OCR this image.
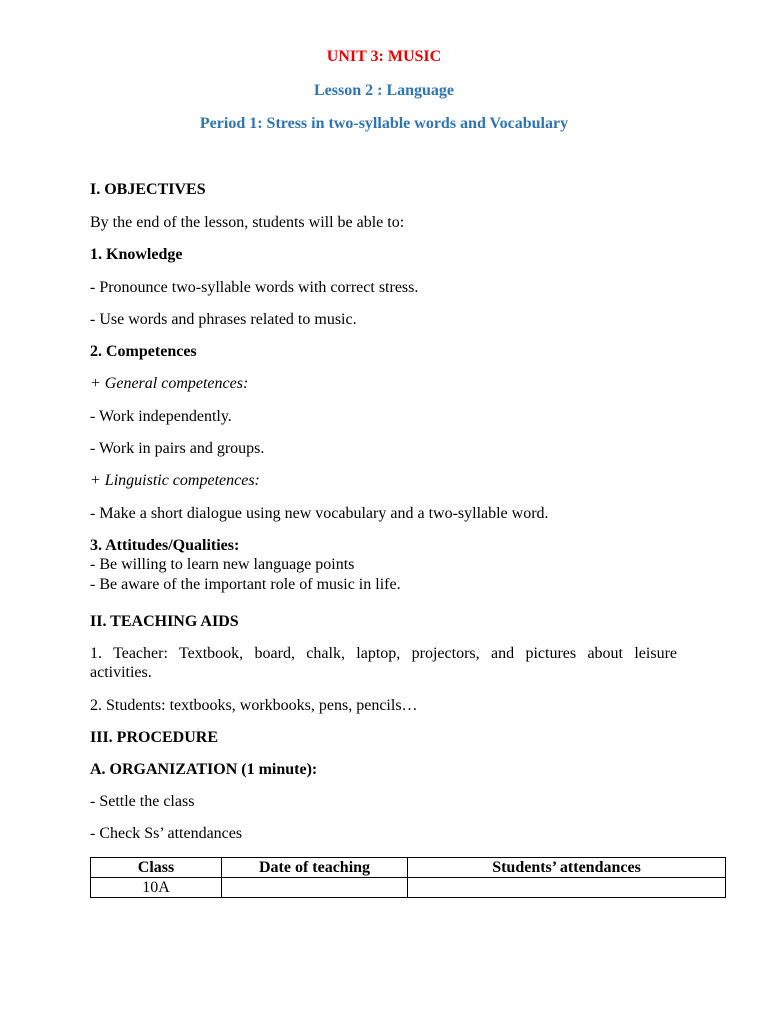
UNIT 3: MUSIC
Lesson 2 : Language
Period 1: Stress in two-syllable words and Vocabulary
I. OBJECTIVES
By the end of the lesson, students will be able to:
1. Knowledge
- Pronounce two-syllable words with correct stress.
- Use words and phrases related to music.
2. Competences
+ General competences:
- Work independently.
- Work in pairs and groups.
+ Linguistic competences:
- Make a short dialogue using new vocabulary and a two-syllable word.
3. Attitudes/Qualities:
- Be willing to learn new language points
- Be aware of the important role of music in life.
II. TEACHING AIDS
1. Teacher: Textbook, board, chalk, laptop, projectors, and pictures about leisure
activities.
2. Students: textbooks, workbooks, pens, pencils…
III. PROCEDURE
A. ORGANIZATION (1 minute):
- Settle the class
- Check Ss’ attendances
Class	Date of teaching	Students’ attendances
10A		
